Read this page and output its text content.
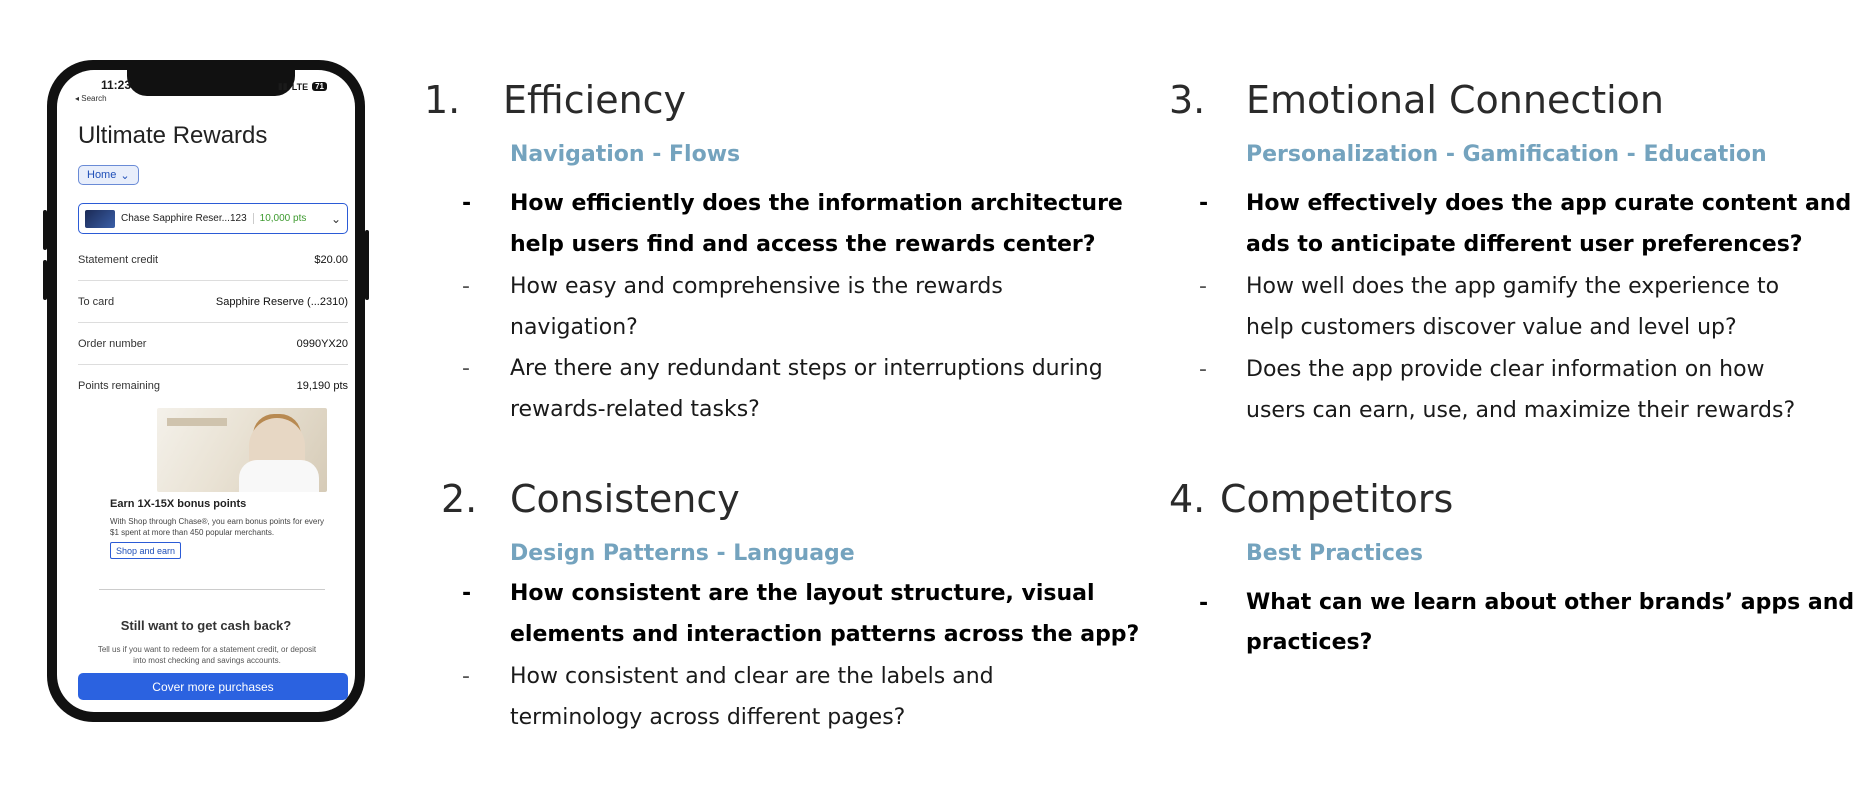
11:23	▮▮ LTE 71
◂ Search
Ultimate Rewards
Home ⌄
Chase Sapphire Reser...123	10,000 pts ⌄
Statement credit	$20.00
To card	Sapphire Reserve (...2310)
Order number	0990YX20
Points remaining	19,190 pts
Earn 1X-15X bonus points
With Shop through Chase®, you earn bonus points for every $1 spent at more than 450 popular merchants.
Shop and earn
Still want to get cash back?
Tell us if you want to redeem for a statement credit, or deposit into most checking and savings accounts.
Cover more purchases
1. Efficiency
Navigation - Flows
- How efficiently does the information architecture
help users find and access the rewards center?
- How easy and comprehensive is the rewards
navigation?
- Are there any redundant steps or interruptions during
rewards-related tasks?
2. Consistency
Design Patterns - Language
- How consistent are the layout structure, visual
elements and interaction patterns across the app?
- How consistent and clear are the labels and
terminology across different pages?
3. Emotional Connection
Personalization - Gamification - Education
- How effectively does the app curate content and
ads to anticipate different user preferences?
- How well does the app gamify the experience to
help customers discover value and level up?
- Does the app provide clear information on how
users can earn, use, and maximize their rewards?
4. Competitors
Best Practices
- What can we learn about other brands’ apps and
practices?
